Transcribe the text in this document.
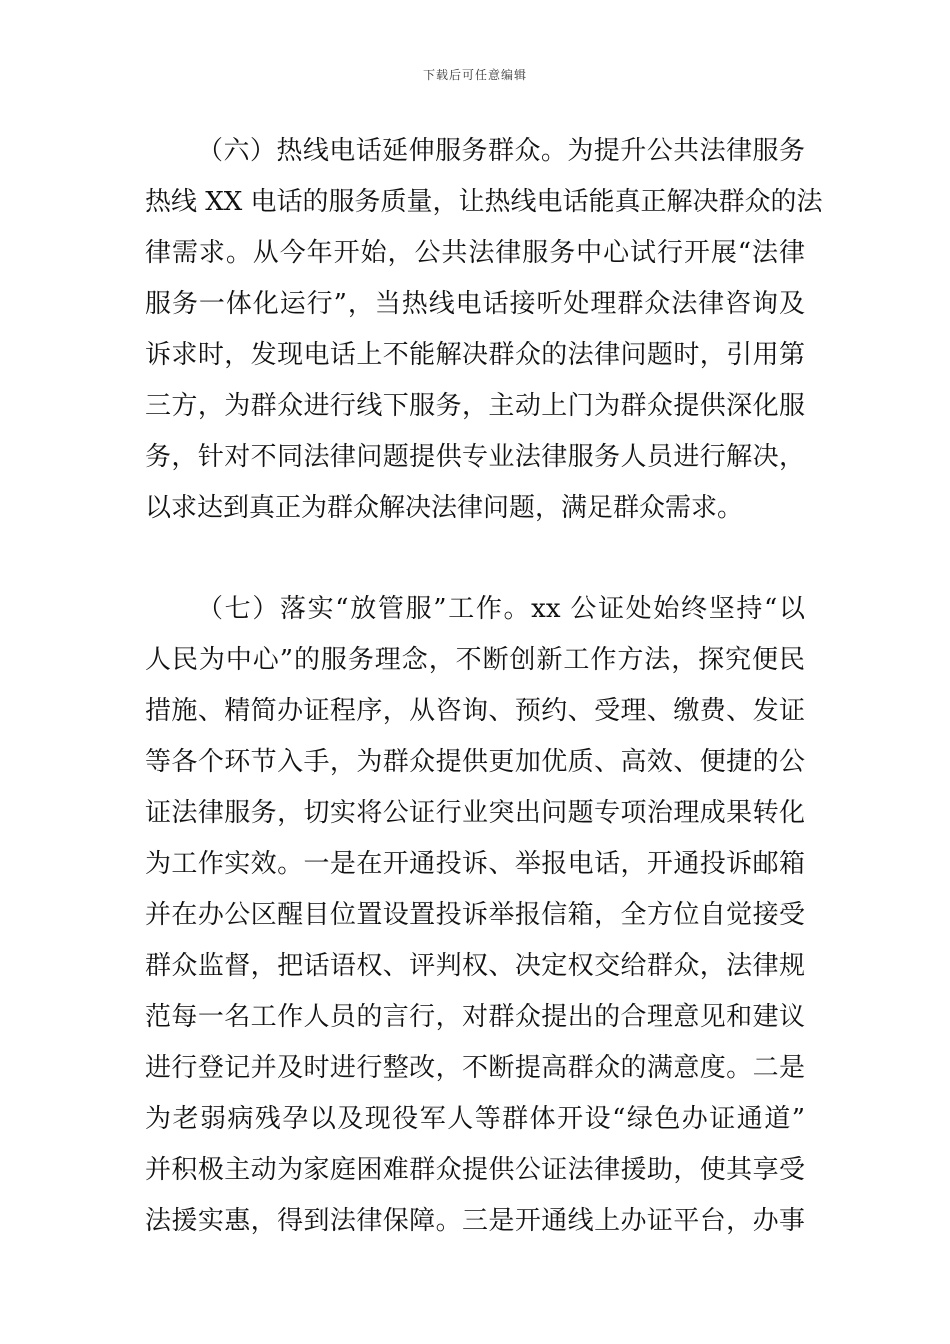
下载后可任意编辑
（六）热线电话延伸服务群众。为提升公共法律服务
热线 XX 电话的服务质量，让热线电话能真正解决群众的法
律需求。从今年开始，公共法律服务中心试行开展“法律
服务一体化运行”，当热线电话接听处理群众法律咨询及
诉求时，发现电话上不能解决群众的法律问题时，引用第
三方，为群众进行线下服务，主动上门为群众提供深化服
务，针对不同法律问题提供专业法律服务人员进行解决，
以求达到真正为群众解决法律问题，满足群众需求。
（七）落实“放管服”工作。xx 公证处始终坚持“以
人民为中心”的服务理念，不断创新工作方法，探究便民
措施、精简办证程序，从咨询、预约、受理、缴费、发证
等各个环节入手，为群众提供更加优质、高效、便捷的公
证法律服务，切实将公证行业突出问题专项治理成果转化
为工作实效。一是在开通投诉、举报电话，开通投诉邮箱
并在办公区醒目位置设置投诉举报信箱，全方位自觉接受
群众监督，把话语权、评判权、决定权交给群众，法律规
范每一名工作人员的言行，对群众提出的合理意见和建议
进行登记并及时进行整改，不断提高群众的满意度。二是
为老弱病残孕以及现役军人等群体开设“绿色办证通道”
并积极主动为家庭困难群众提供公证法律援助，使其享受
法援实惠，得到法律保障。三是开通线上办证平台，办事
